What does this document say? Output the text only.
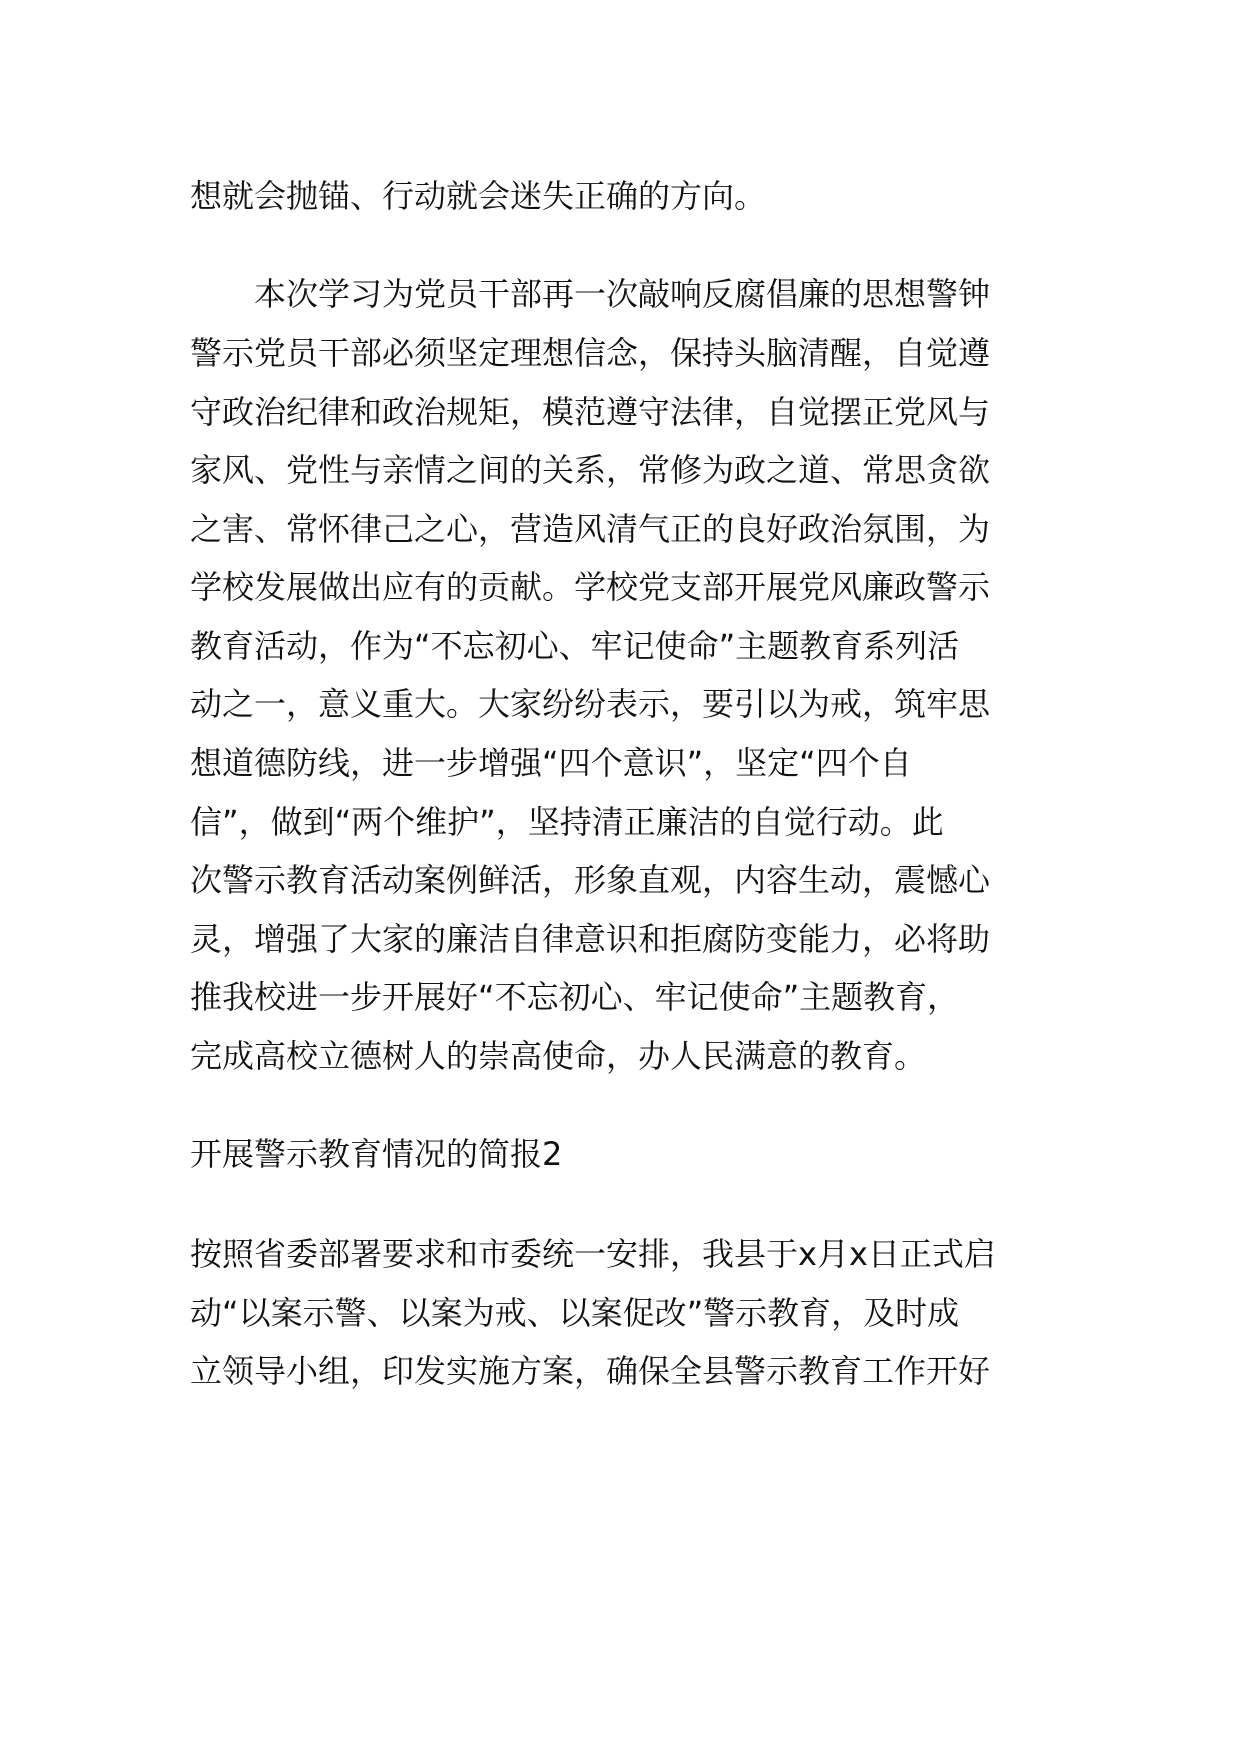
想就会抛锚、行动就会迷失正确的方向。
本次学习为党员干部再一次敲响反腐倡廉的思想警钟
警示党员干部必须坚定理想信念，保持头脑清醒，自觉遵
守政治纪律和政治规矩，模范遵守法律，自觉摆正党风与
家风、党性与亲情之间的关系，常修为政之道、常思贪欲
之害、常怀律己之心，营造风清气正的良好政治氛围，为
学校发展做出应有的贡献。学校党支部开展党风廉政警示
教育活动，作为“不忘初心、牢记使命”主题教育系列活
动之一，意义重大。大家纷纷表示，要引以为戒，筑牢思
想道德防线，进一步增强“四个意识”，坚定“四个自
信”，做到“两个维护”，坚持清正廉洁的自觉行动。此
次警示教育活动案例鲜活，形象直观，内容生动，震憾心
灵，增强了大家的廉洁自律意识和拒腐防变能力，必将助
推我校进一步开展好“不忘初心、牢记使命”主题教育，
完成高校立德树人的崇高使命，办人民满意的教育。
开展警示教育情况的简报2
按照省委部署要求和市委统一安排，我县于x月x日正式启
动“以案示警、以案为戒、以案促改”警示教育，及时成
立领导小组，印发实施方案，确保全县警示教育工作开好
